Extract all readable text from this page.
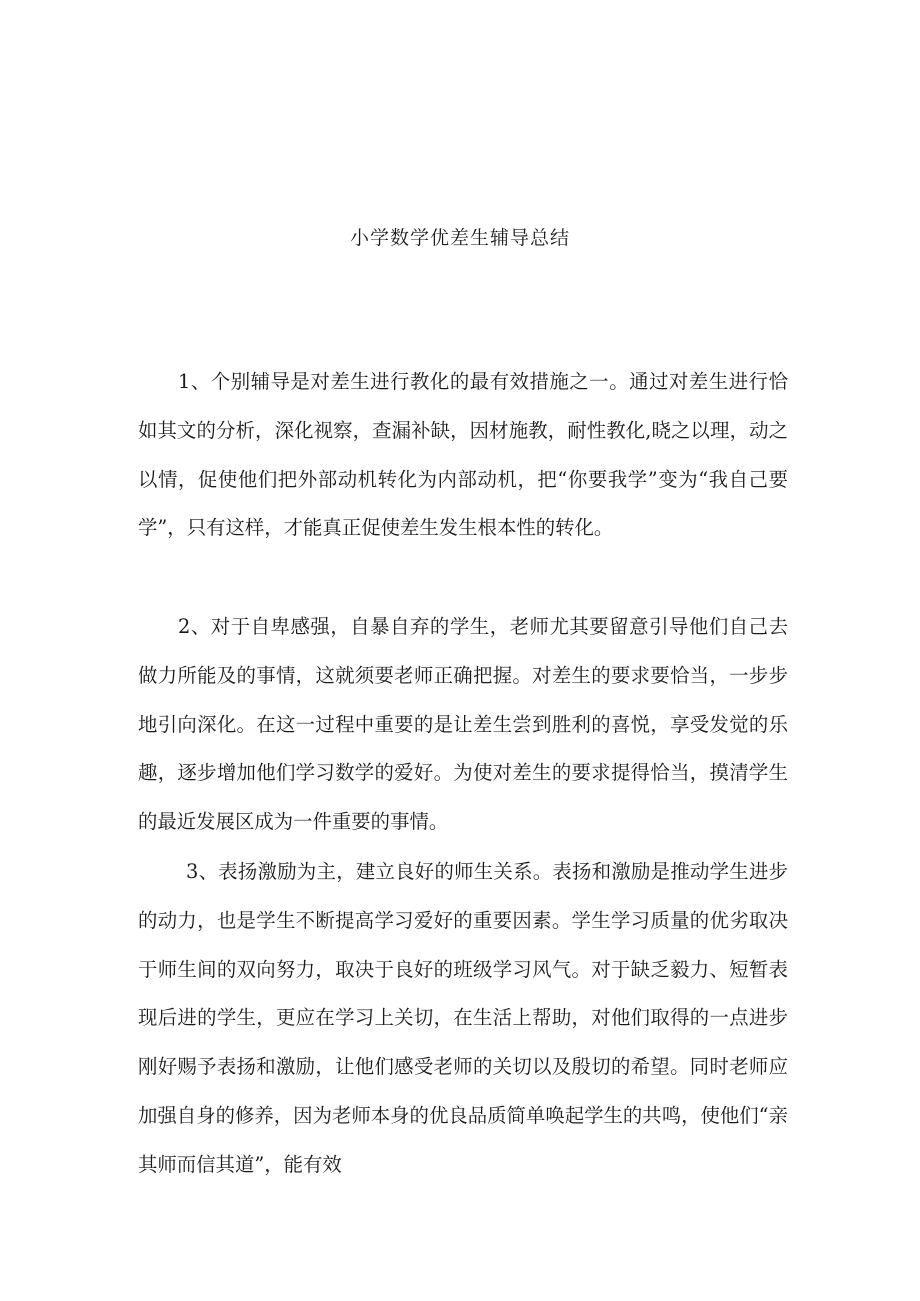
小学数学优差生辅导总结

1、个别辅导是对差生进行教化的最有效措施之一。通过对差生进行恰如其文的分析，深化视察，查漏补缺，因材施教，耐性教化,晓之以理，动之以情，促使他们把外部动机转化为内部动机，把“你要我学”变为“我自己要学”，只有这样，才能真正促使差生发生根本性的转化。

2、对于自卑感强，自暴自弃的学生，老师尤其要留意引导他们自己去做力所能及的事情，这就须要老师正确把握。对差生的要求要恰当，一步步地引向深化。在这一过程中重要的是让差生尝到胜利的喜悦，享受发觉的乐趣，逐步增加他们学习数学的爱好。为使对差生的要求提得恰当，摸清学生的最近发展区成为一件重要的事情。

3、表扬激励为主，建立良好的师生关系。表扬和激励是推动学生进步的动力，也是学生不断提高学习爱好的重要因素。学生学习质量的优劣取决于师生间的双向努力，取决于良好的班级学习风气。对于缺乏毅力、短暂表现后进的学生，更应在学习上关切，在生活上帮助，对他们取得的一点进步刚好赐予表扬和激励，让他们感受老师的关切以及殷切的希望。同时老师应加强自身的修养，因为老师本身的优良品质简单唤起学生的共鸣，使他们“亲其师而信其道”，能有效
